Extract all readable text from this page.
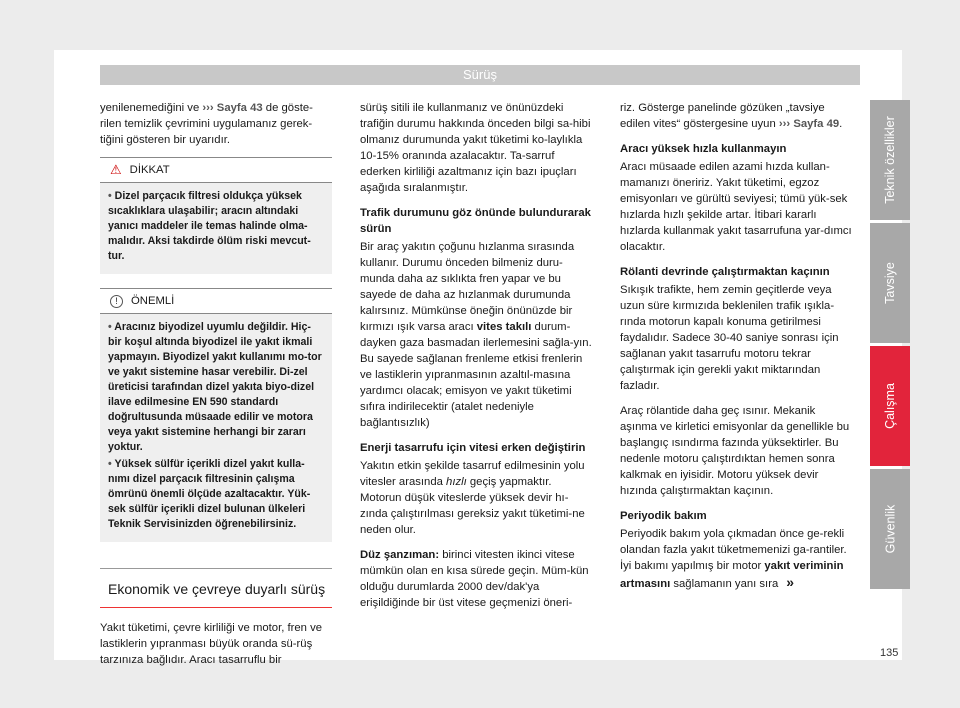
Sürüş

yenilenemediğini ve ››› Sayfa 43 de göste-rilen temizlik çevrimini uygulamanız gerek-tiğini gösteren bir uyarıdır.

⚠ DİKKAT

• Dizel parçacık filtresi oldukça yüksek sıcaklıklara ulaşabilir; aracın altındaki yanıcı maddeler ile temas halinde olma-malıdır. Aksi takdirde ölüm riski mevcut-tur.

!	ÖNEMLİ

• Aracınız biyodizel uyumlu değildir. Hiç-bir koşul altında biyodizel ile yakıt ikmali yapmayın. Biyodizel yakıt kullanımı mo-tor ve yakıt sistemine hasar verebilir. Di-zel üreticisi tarafından dizel yakıta biyo-dizel ilave edilmesine EN 590 standardı doğrultusunda müsaade edilir ve motora veya yakıt sistemine herhangi bir zararı yoktur.

• Yüksek sülfür içerikli dizel yakıt kulla-nımı dizel parçacık filtresinin çalışma ömrünü önemli ölçüde azaltacaktır. Yük-sek sülfür içerikli dizel bulunan ülkeleri Teknik Servisinizden öğrenebilirsiniz.

Ekonomik ve çevreye duyarlı sürüş

Yakıt tüketimi, çevre kirliliği ve motor, fren ve lastiklerin yıpranması büyük oranda sü-rüş tarzınıza bağlıdır. Aracı tasarruflu bir

sürüş sitili ile kullanmanız ve önünüzdeki trafiğin durumu hakkında önceden bilgi sa-hibi olmanız durumunda yakıt tüketimi ko-laylıkla 10-15% oranında azalacaktır. Ta-sarruf ederken kirliliği azaltmanız için bazı ipuçları aşağıda sıralanmıştır.

Trafik durumunu göz önünde bulundurarak sürün

Bir araç yakıtın çoğunu hızlanma sırasında kullanır. Durumu önceden bilmeniz duru-munda daha az sıklıkta fren yapar ve bu sayede de daha az hızlanmak durumunda kalırsınız. Mümkünse öneğin önünüzde bir kırmızı ışık varsa aracı vites takılı durum-dayken gaza basmadan ilerlemesini sağla-yın. Bu sayede sağlanan frenleme etkisi frenlerin ve lastiklerin yıpranmasının azaltıl-masına yardımcı olacak; emisyon ve yakıt tüketimi sıfıra indirilecektir (atalet nedeniyle bağlantısızlık)

Enerji tasarrufu için vitesi erken değiştirin

Yakıtın etkin şekilde tasarruf edilmesinin yolu vitesler arasında hızlı geçiş yapmaktır. Motorun düşük viteslerde yüksek devir hı-zında çalıştırılması gereksiz yakıt tüketimi-ne neden olur.

Düz şanzıman: birinci vitesten ikinci vitese mümkün olan en kısa sürede geçin. Müm-kün olduğu durumlarda 2000 dev/dak'ya erişildiğinde bir üst vitese geçmenizi öneri-

riz. Gösterge panelinde gözüken „tavsiye edilen vites“ göstergesine uyun ››› Sayfa 49.

Aracı yüksek hızla kullanmayın

Aracı müsaade edilen azami hızda kullan-mamanızı öneririz. Yakıt tüketimi, egzoz emisyonları ve gürültü seviyesi; tümü yük-sek hızlarda hızlı şekilde artar. İtibari kararlı hızlarda kullanmak yakıt tasarrufuna yar-dımcı olacaktır.

Rölanti devrinde çalıştırmaktan kaçının

Sıkışık trafikte, hem zemin geçitlerde veya uzun süre kırmızıda beklenilen trafik ışıkla-rında motorun kapalı konuma getirilmesi faydalıdır. Sadece 30-40 saniye sonrası için sağlanan yakıt tasarrufu motoru tekrar çalıştırmak için gerekli yakıt miktarından fazladır.

Araç rölantide daha geç ısınır. Mekanik aşınma ve kirletici emisyonlar da genellikle bu başlangıç ısındırma fazında yüksektirler. Bu nedenle motoru çalıştırdıktan hemen sonra kalkmak en iyisidir. Motoru yüksek devir hızında çalıştırmaktan kaçının.

Periyodik bakım

Periyodik bakım yola çıkmadan önce ge-rekli olandan fazla yakıt tüketmemenizi ga-rantiler. İyi bakımı yapılmış bir motor yakıt veriminin artmasını sağlamanın yanı sıra »

Teknik özellikler
Tavsiye
Çalışma
Güvenlik
135
